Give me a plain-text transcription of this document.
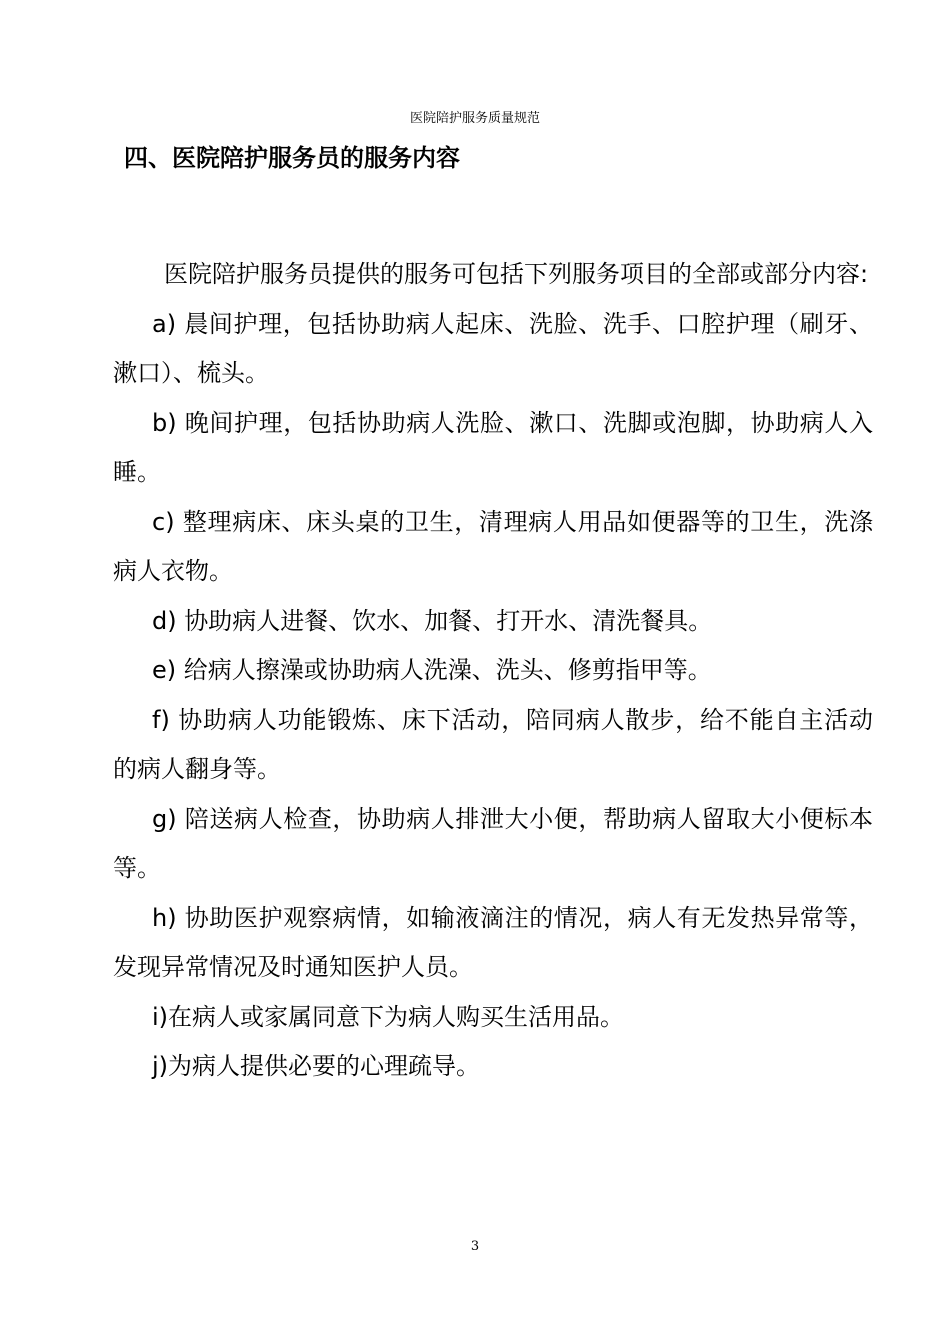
医院陪护服务质量规范
四、医院陪护服务员的服务内容

医院陪护服务员提供的服务可包括下列服务项目的全部或部分内容:

a) 晨间护理，包括协助病人起床、洗脸、洗手、口腔护理（刷牙、漱口）、梳头。

b) 晚间护理，包括协助病人洗脸、漱口、洗脚或泡脚，协助病人入睡。

c) 整理病床、床头桌的卫生，清理病人用品如便器等的卫生，洗涤病人衣物。

d) 协助病人进餐、饮水、加餐、打开水、清洗餐具。

e) 给病人擦澡或协助病人洗澡、洗头、修剪指甲等。

f) 协助病人功能锻炼、床下活动，陪同病人散步，给不能自主活动的病人翻身等。

g) 陪送病人检查，协助病人排泄大小便，帮助病人留取大小便标本等。

h) 协助医护观察病情，如输液滴注的情况，病人有无发热异常等，发现异常情况及时通知医护人员。

i)在病人或家属同意下为病人购买生活用品。

j)为病人提供必要的心理疏导。

3
